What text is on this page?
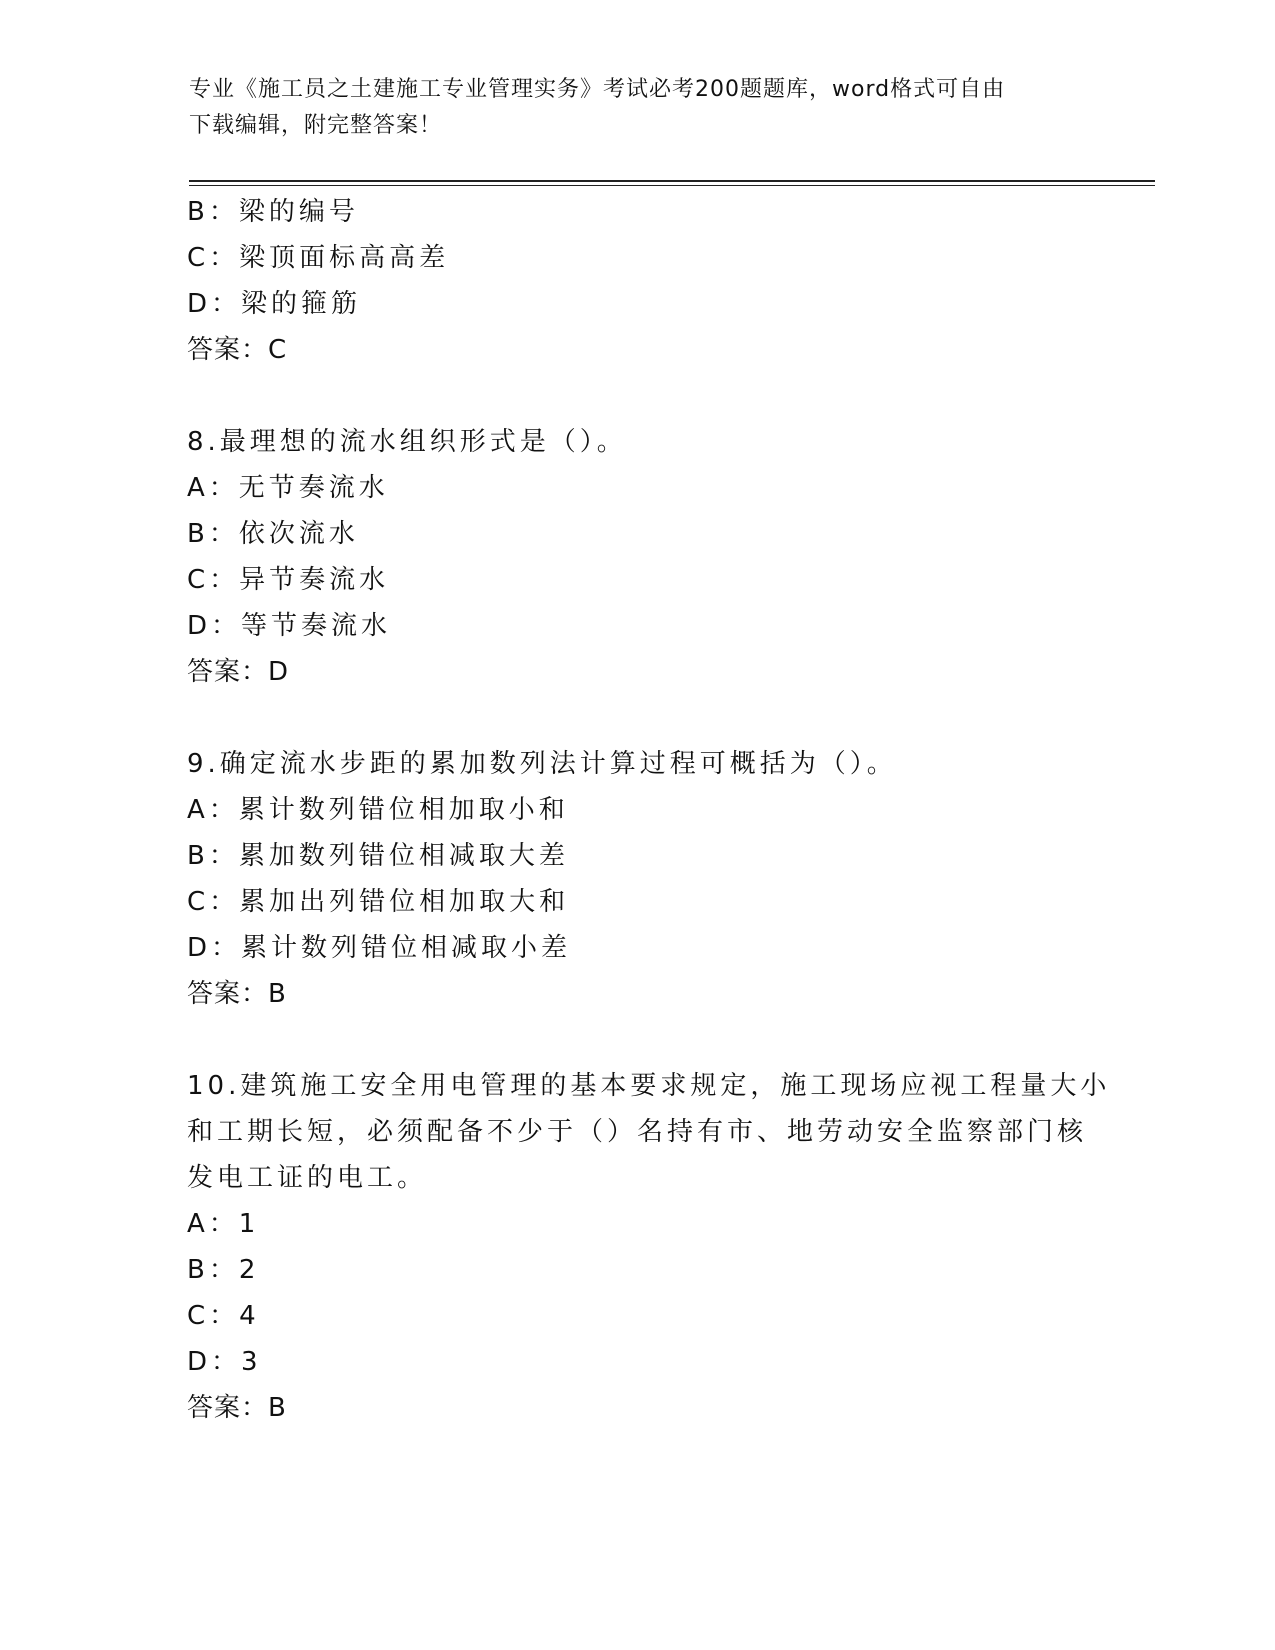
专业《施工员之土建施工专业管理实务》考试必考200题题库，word格式可自由
下载编辑，附完整答案！
B：梁的编号
C：梁顶面标高高差
D：梁的箍筋
答案：C
8.最理想的流水组织形式是（）。
A：无节奏流水
B：依次流水
C：异节奏流水
D：等节奏流水
答案：D
9.确定流水步距的累加数列法计算过程可概括为（）。
A：累计数列错位相加取小和
B：累加数列错位相减取大差
C：累加出列错位相加取大和
D：累计数列错位相减取小差
答案：B
10.建筑施工安全用电管理的基本要求规定，施工现场应视工程量大小
和工期长短，必须配备不少于（）名持有市、地劳动安全监察部门核
发电工证的电工。
A：1
B：2
C：4
D：3
答案：B
